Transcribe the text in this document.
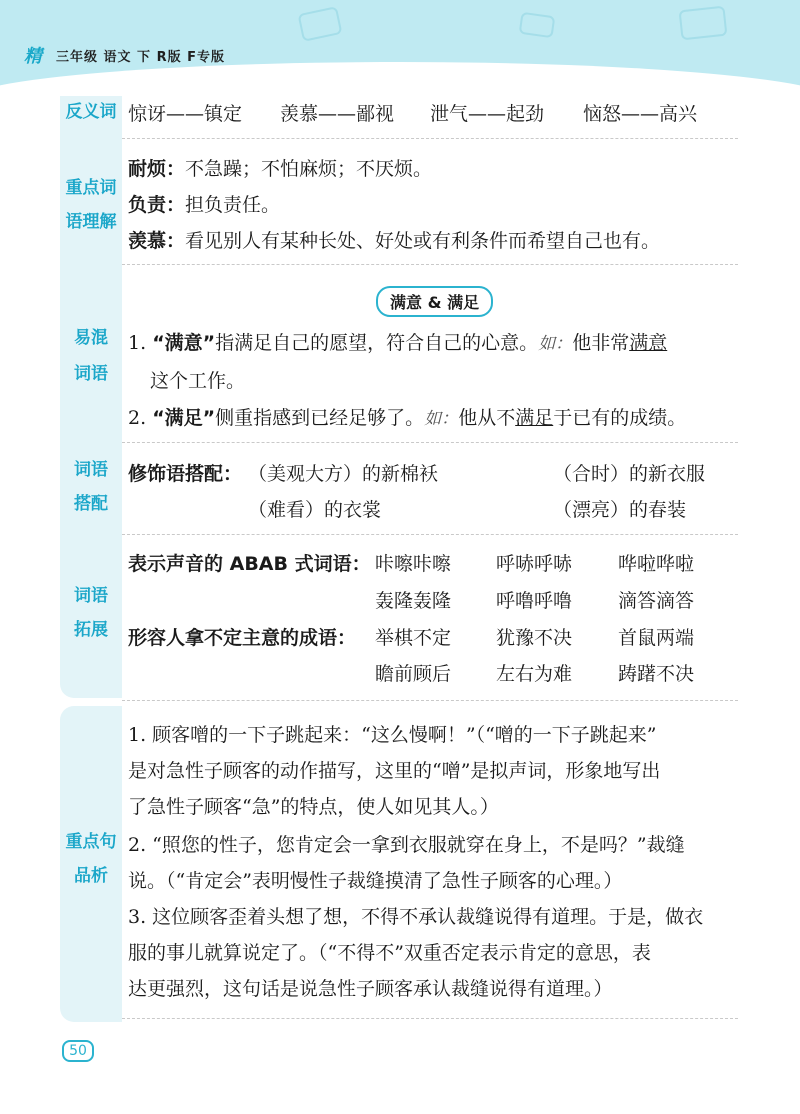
精 三年级 语文 下 R版 F专版
反义词 惊讶——镇定 羡慕——鄙视 泄气——起劲 恼怒——高兴
重点词
语理解
耐烦：不急躁；不怕麻烦；不厌烦。
负责：担负责任。
羡慕：看见别人有某种长处、好处或有利条件而希望自己也有。
满意 & 满足
易混
词语
1. “满意”指满足自己的愿望，符合自己的心意。如：他非常满意
这个工作。
2. “满足”侧重指感到已经足够了。如：他从不满足于已有的成绩。
词语
搭配
修饰语搭配： （美观大方）的新棉袄	（合时）的新衣服
（难看）的衣裳	（漂亮）的春装
词语
拓展
表示声音的 ABAB 式词语： 咔嚓咔嚓 呼哧呼哧 哗啦哗啦
轰隆轰隆 呼噜呼噜 滴答滴答
形容人拿不定主意的成语： 举棋不定 犹豫不决 首鼠两端
瞻前顾后 左右为难 踌躇不决
重点句
品析
1. 顾客噌的一下子跳起来：“这么慢啊！”（“噌的一下子跳起来”
是对急性子顾客的动作描写，这里的“噌”是拟声词，形象地写出
了急性子顾客“急”的特点，使人如见其人。）
2. “照您的性子，您肯定会一拿到衣服就穿在身上，不是吗？”裁缝
说。（“肯定会”表明慢性子裁缝摸清了急性子顾客的心理。）
3. 这位顾客歪着头想了想，不得不承认裁缝说得有道理。于是，做衣
服的事儿就算说定了。（“不得不”双重否定表示肯定的意思，表
达更强烈，这句话是说急性子顾客承认裁缝说得有道理。）
50
